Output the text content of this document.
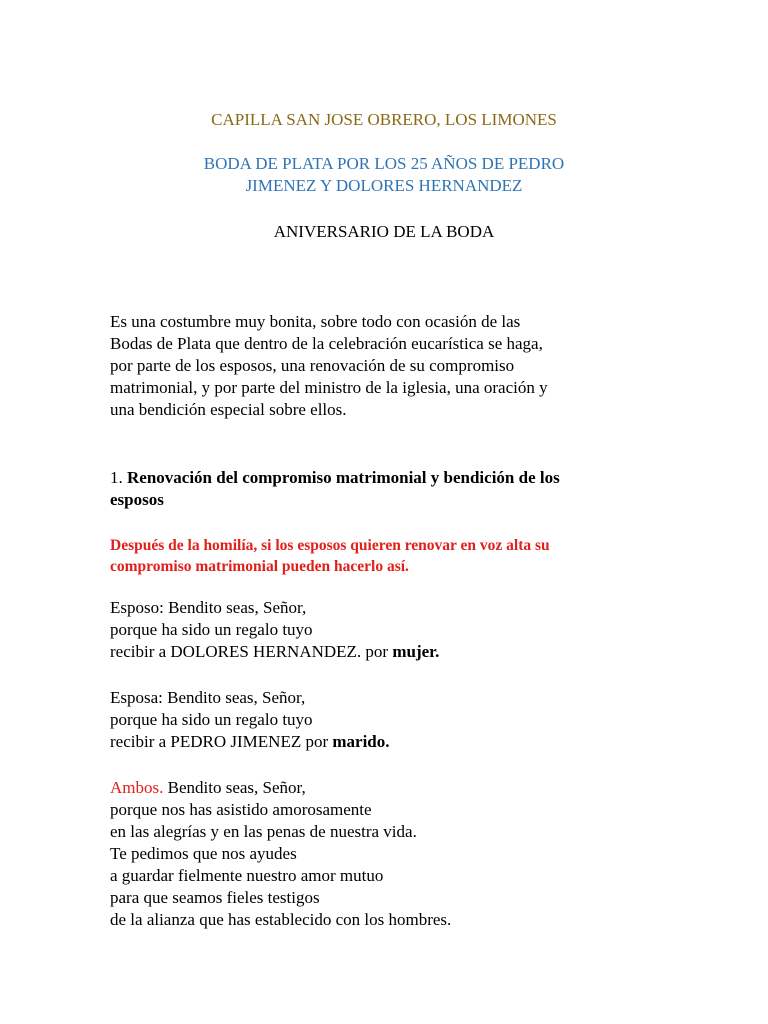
CAPILLA SAN JOSE OBRERO, LOS LIMONES
BODA DE PLATA POR LOS 25 AÑOS DE PEDRO
JIMENEZ Y DOLORES HERNANDEZ
ANIVERSARIO DE LA BODA

Es una costumbre muy bonita, sobre todo con ocasión de las

Bodas de Plata que dentro de la celebración eucarística se haga,

por parte de los esposos, una renovación de su compromiso

matrimonial, y por parte del ministro de la iglesia, una oración y

una bendición especial sobre ellos.

1. Renovación del compromiso matrimonial y bendición de los

esposos

Después de la homilía, si los esposos quieren renovar en voz alta su

compromiso matrimonial pueden hacerlo así.

Esposo: Bendito seas, Señor,

porque ha sido un regalo tuyo

recibir a DOLORES HERNANDEZ. por mujer.

Esposa: Bendito seas, Señor,

porque ha sido un regalo tuyo

recibir a PEDRO JIMENEZ por marido.

Ambos. Bendito seas, Señor,

porque nos has asistido amorosamente

en las alegrías y en las penas de nuestra vida.

Te pedimos que nos ayudes

a guardar fielmente nuestro amor mutuo

para que seamos fieles testigos

de la alianza que has establecido con los hombres.
